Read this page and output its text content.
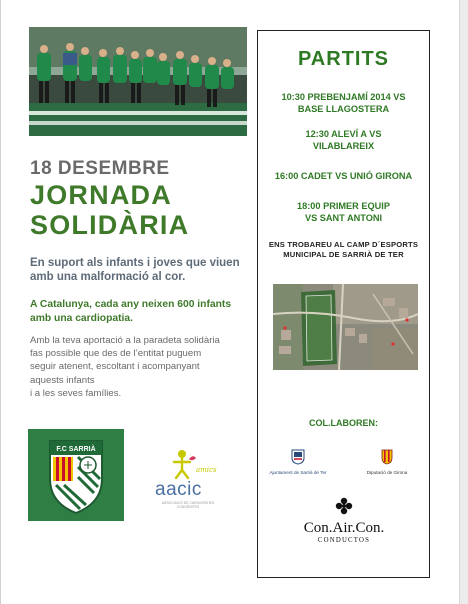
18 DESEMBRE
JORNADA
SOLIDÀRIA
En suport als infants i joves que viuen amb una malformació al cor.
A Catalunya, cada any neixen 600 infants amb una cardiopatia.
Amb la teva aportació a la paradeta solidària
fas possible que des de l’entitat puguem
seguir atenent, escoltant i acompanyant
aquests infants
i a les seves famílies.
F.C SARRIÀ
amics
aacic
ASSOCIACIÓ DE CARDIOPATIES CONGÈNITES
PARTITS
10:30 PREBENJAMÍ 2014 VS
BASE LLAGOSTERA
12:30 ALEVÍ A VS
VILABLAREIX
16:00 CADET VS UNIÓ GIRONA
18:00 PRIMER EQUIP
VS SANT ANTONI
ENS TROBAREU AL CAMP D´ESPORTS
MUNICIPAL DE SARRIÀ DE TER
COL.LABOREN:
Ajuntament de Sarrià de Ter	Diputació de Girona
Con.Air.Con.
CONDUCTOS
